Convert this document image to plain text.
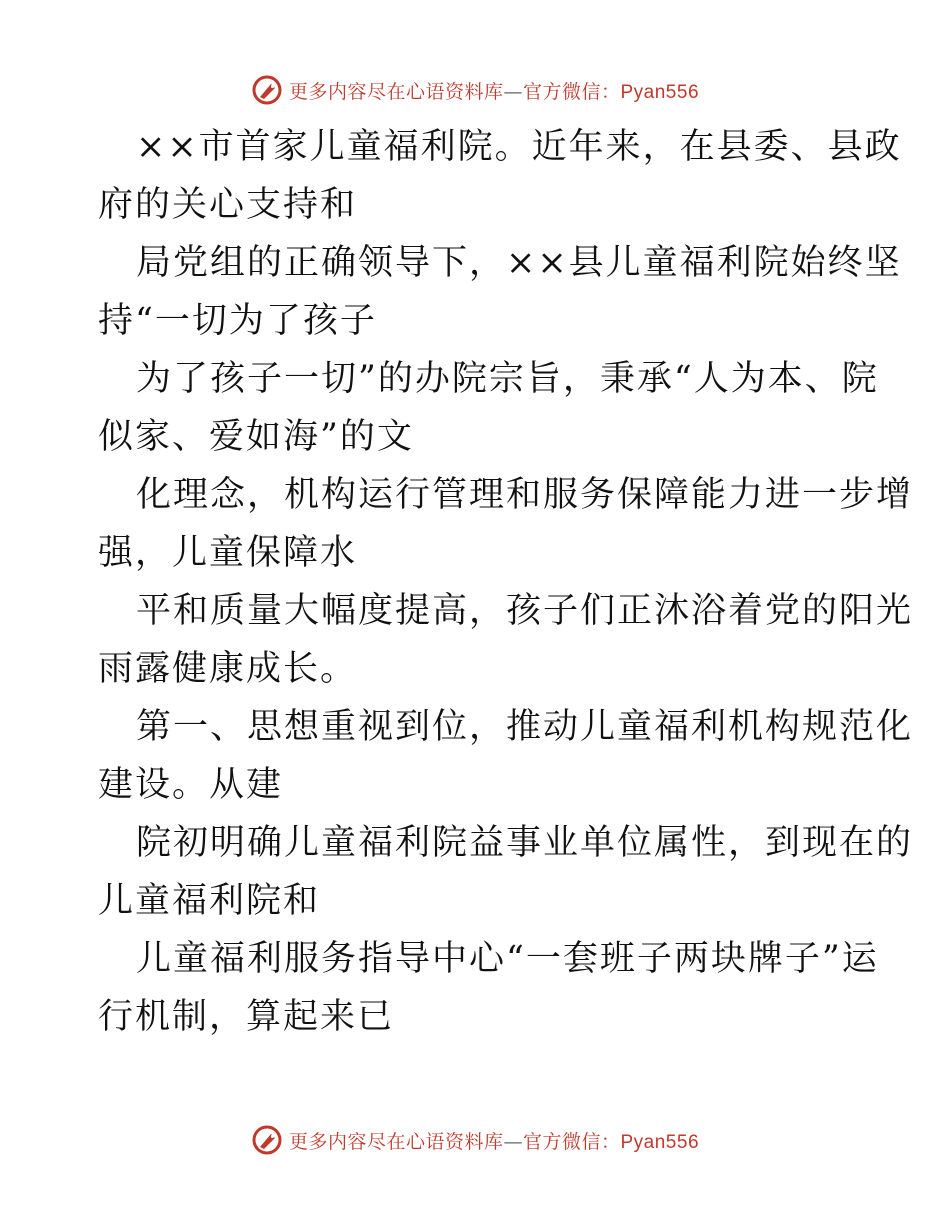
更多内容尽在心语资料库—官方微信：Pyan556
××市首家儿童福利院。近年来，在县委、县政
府的关心支持和
局党组的正确领导下，××县儿童福利院始终坚
持“一切为了孩子
为了孩子一切”的办院宗旨，秉承“人为本、院
似家、爱如海”的文
化理念，机构运行管理和服务保障能力进一步增
强，儿童保障水
平和质量大幅度提高，孩子们正沐浴着党的阳光
雨露健康成长。
第一、思想重视到位，推动儿童福利机构规范化
建设。从建
院初明确儿童福利院益事业单位属性，到现在的
儿童福利院和
儿童福利服务指导中心“一套班子两块牌子”运
行机制，算起来已
更多内容尽在心语资料库—官方微信：Pyan556
